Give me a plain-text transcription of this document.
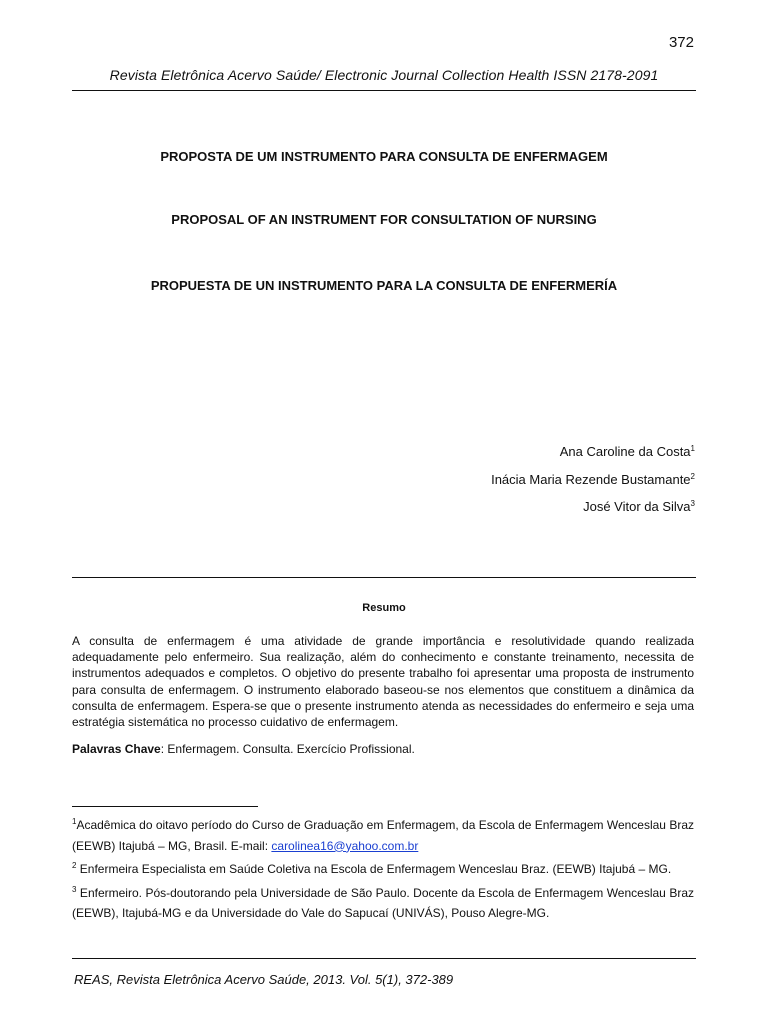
372
Revista Eletrônica Acervo Saúde/ Electronic Journal Collection Health ISSN 2178-2091
PROPOSTA DE UM INSTRUMENTO PARA CONSULTA DE ENFERMAGEM
PROPOSAL OF AN INSTRUMENT FOR CONSULTATION OF NURSING
PROPUESTA DE UN INSTRUMENTO PARA LA CONSULTA DE ENFERMERÍA
Ana Caroline da Costa$^1$
Inácia Maria Rezende Bustamante$^2$
José Vitor da Silva$^3$
Resumo

A consulta de enfermagem é uma atividade de grande importância e resolutividade quando realizada adequadamente pelo enfermeiro. Sua realização, além do conhecimento e constante treinamento, necessita de instrumentos adequados e completos. O objetivo do presente trabalho foi apresentar uma proposta de instrumento para consulta de enfermagem. O instrumento elaborado baseou-se nos elementos que constituem a dinâmica da consulta de enfermagem. Espera-se que o presente instrumento atenda as necessidades do enfermeiro e seja uma estratégia sistemática no processo cuidativo de enfermagem.

Palavras Chave: Enfermagem. Consulta. Exercício Profissional.

$^1$Acadêmica do oitavo período do Curso de Graduação em Enfermagem, da Escola de Enfermagem Wenceslau Braz (EEWB) Itajubá – MG, Brasil. E-mail: carolinea16@yahoo.com.br

$^2$ Enfermeira Especialista em Saúde Coletiva na Escola de Enfermagem Wenceslau Braz. (EEWB) Itajubá – MG.

$^3$ Enfermeiro. Pós-doutorando pela Universidade de São Paulo. Docente da Escola de Enfermagem Wenceslau Braz (EEWB), Itajubá-MG e da Universidade do Vale do Sapucaí (UNIVÁS), Pouso Alegre-MG.

REAS, Revista Eletrônica Acervo Saúde, 2013. Vol. 5(1), 372-389
